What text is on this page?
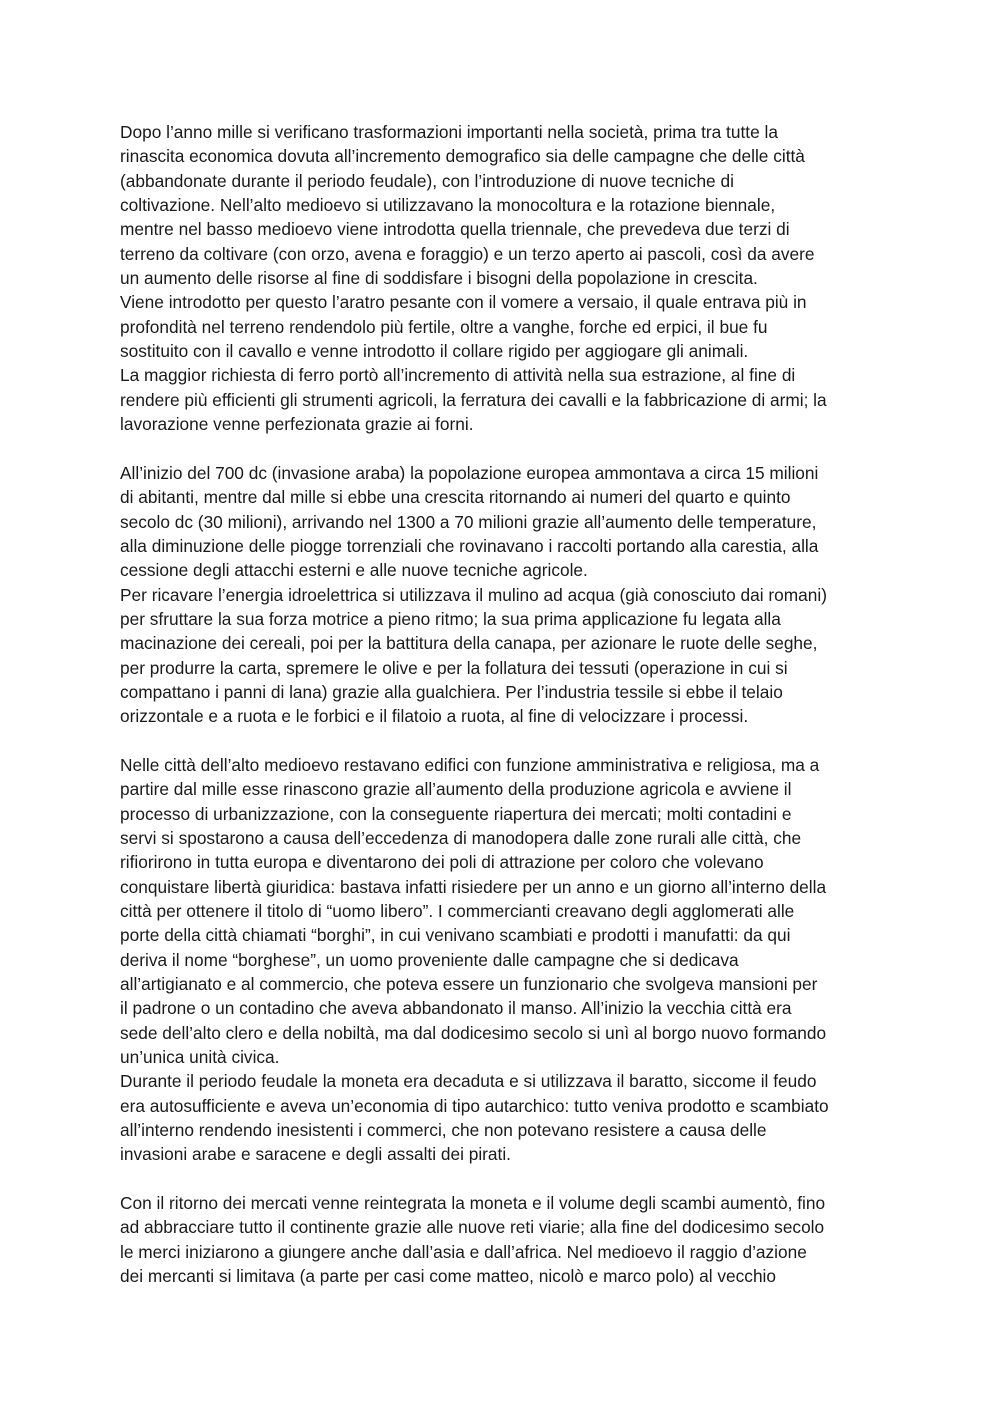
Dopo l’anno mille si verificano trasformazioni importanti nella società, prima tra tutte la
rinascita economica dovuta all’incremento demografico sia delle campagne che delle città
(abbandonate durante il periodo feudale), con l’introduzione di nuove tecniche di
coltivazione. Nell’alto medioevo si utilizzavano la monocoltura e la rotazione biennale,
mentre nel basso medioevo viene introdotta quella triennale, che prevedeva due terzi di
terreno da coltivare (con orzo, avena e foraggio) e un terzo aperto ai pascoli, così da avere
un aumento delle risorse al fine di soddisfare i bisogni della popolazione in crescita.
Viene introdotto per questo l’aratro pesante con il vomere a versaio, il quale entrava più in
profondità nel terreno rendendolo più fertile, oltre a vanghe, forche ed erpici, il bue fu
sostituito con il cavallo e venne introdotto il collare rigido per aggiogare gli animali.
La maggior richiesta di ferro portò all’incremento di attività nella sua estrazione, al fine di
rendere più efficienti gli strumenti agricoli, la ferratura dei cavalli e la fabbricazione di armi; la
lavorazione venne perfezionata grazie ai forni.
All’inizio del 700 dc (invasione araba) la popolazione europea ammontava a circa 15 milioni
di abitanti, mentre dal mille si ebbe una crescita ritornando ai numeri del quarto e quinto
secolo dc (30 milioni), arrivando nel 1300 a 70 milioni grazie all’aumento delle temperature,
alla diminuzione delle piogge torrenziali che rovinavano i raccolti portando alla carestia, alla
cessione degli attacchi esterni e alle nuove tecniche agricole.
Per ricavare l’energia idroelettrica si utilizzava il mulino ad acqua (già conosciuto dai romani)
per sfruttare la sua forza motrice a pieno ritmo; la sua prima applicazione fu legata alla
macinazione dei cereali, poi per la battitura della canapa, per azionare le ruote delle seghe,
per produrre la carta, spremere le olive e per la follatura dei tessuti (operazione in cui si
compattano i panni di lana) grazie alla gualchiera. Per l’industria tessile si ebbe il telaio
orizzontale e a ruota e le forbici e il filatoio a ruota, al fine di velocizzare i processi.
Nelle città dell’alto medioevo restavano edifici con funzione amministrativa e religiosa, ma a
partire dal mille esse rinascono grazie all’aumento della produzione agricola e avviene il
processo di urbanizzazione, con la conseguente riapertura dei mercati; molti contadini e
servi si spostarono a causa dell’eccedenza di manodopera dalle zone rurali alle città, che
rifiorirono in tutta europa e diventarono dei poli di attrazione per coloro che volevano
conquistare libertà giuridica: bastava infatti risiedere per un anno e un giorno all’interno della
città per ottenere il titolo di “uomo libero”. I commercianti creavano degli agglomerati alle
porte della città chiamati “borghi”, in cui venivano scambiati e prodotti i manufatti: da qui
deriva il nome “borghese”, un uomo proveniente dalle campagne che si dedicava
all’artigianato e al commercio, che poteva essere un funzionario che svolgeva mansioni per
il padrone o un contadino che aveva abbandonato il manso. All’inizio la vecchia città era
sede dell’alto clero e della nobiltà, ma dal dodicesimo secolo si unì al borgo nuovo formando
un’unica unità civica.
Durante il periodo feudale la moneta era decaduta e si utilizzava il baratto, siccome il feudo
era autosufficiente e aveva un’economia di tipo autarchico: tutto veniva prodotto e scambiato
all’interno rendendo inesistenti i commerci, che non potevano resistere a causa delle
invasioni arabe e saracene e degli assalti dei pirati.
Con il ritorno dei mercati venne reintegrata la moneta e il volume degli scambi aumentò, fino
ad abbracciare tutto il continente grazie alle nuove reti viarie; alla fine del dodicesimo secolo
le merci iniziarono a giungere anche dall’asia e dall’africa. Nel medioevo il raggio d’azione
dei mercanti si limitava (a parte per casi come matteo, nicolò e marco polo) al vecchio
